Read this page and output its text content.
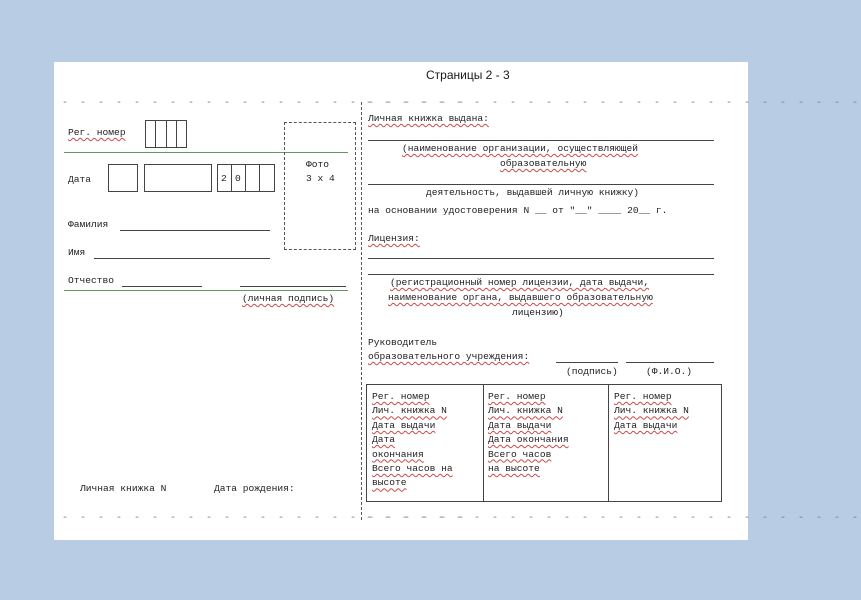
Страницы 2 - 3
- - - - - - - - - - - - - - - - - - - - - - -
- - - - - - - - - - - - - - - - - - - - - - - - - - - -
- - - - - - - - - - - - - - - - - - - - - - -
- - - - - - - - - - - - - - - - - - - - - - - - - - - -
Рег. номер
Дата	2 0
Фото
3 х 4
Фамилия
Имя
Отчество
(личная подпись)
Личная книжка N	Дата рождения:
Личная книжка выдана:
(наименование организации, осуществляющей
образовательную
деятельность, выдавшей личную книжку)
на основании удостоверения N __ от "__" ____ 20__ г.
Лицензия:
(регистрационный номер лицензии, дата выдачи,
наименование органа, выдавшего образовательную
лицензию)
Руководитель
образовательного учреждения:
(подпись)	(Ф.И.О.)
Рег. номер
Лич. книжка N
Дата выдачи
Дата
окончания
Всего часов на
высоте
Рег. номер
Лич. книжка N
Дата выдачи
Дата окончания
Всего часов
на высоте
Рег. номер
Лич. книжка N
Дата выдачи
